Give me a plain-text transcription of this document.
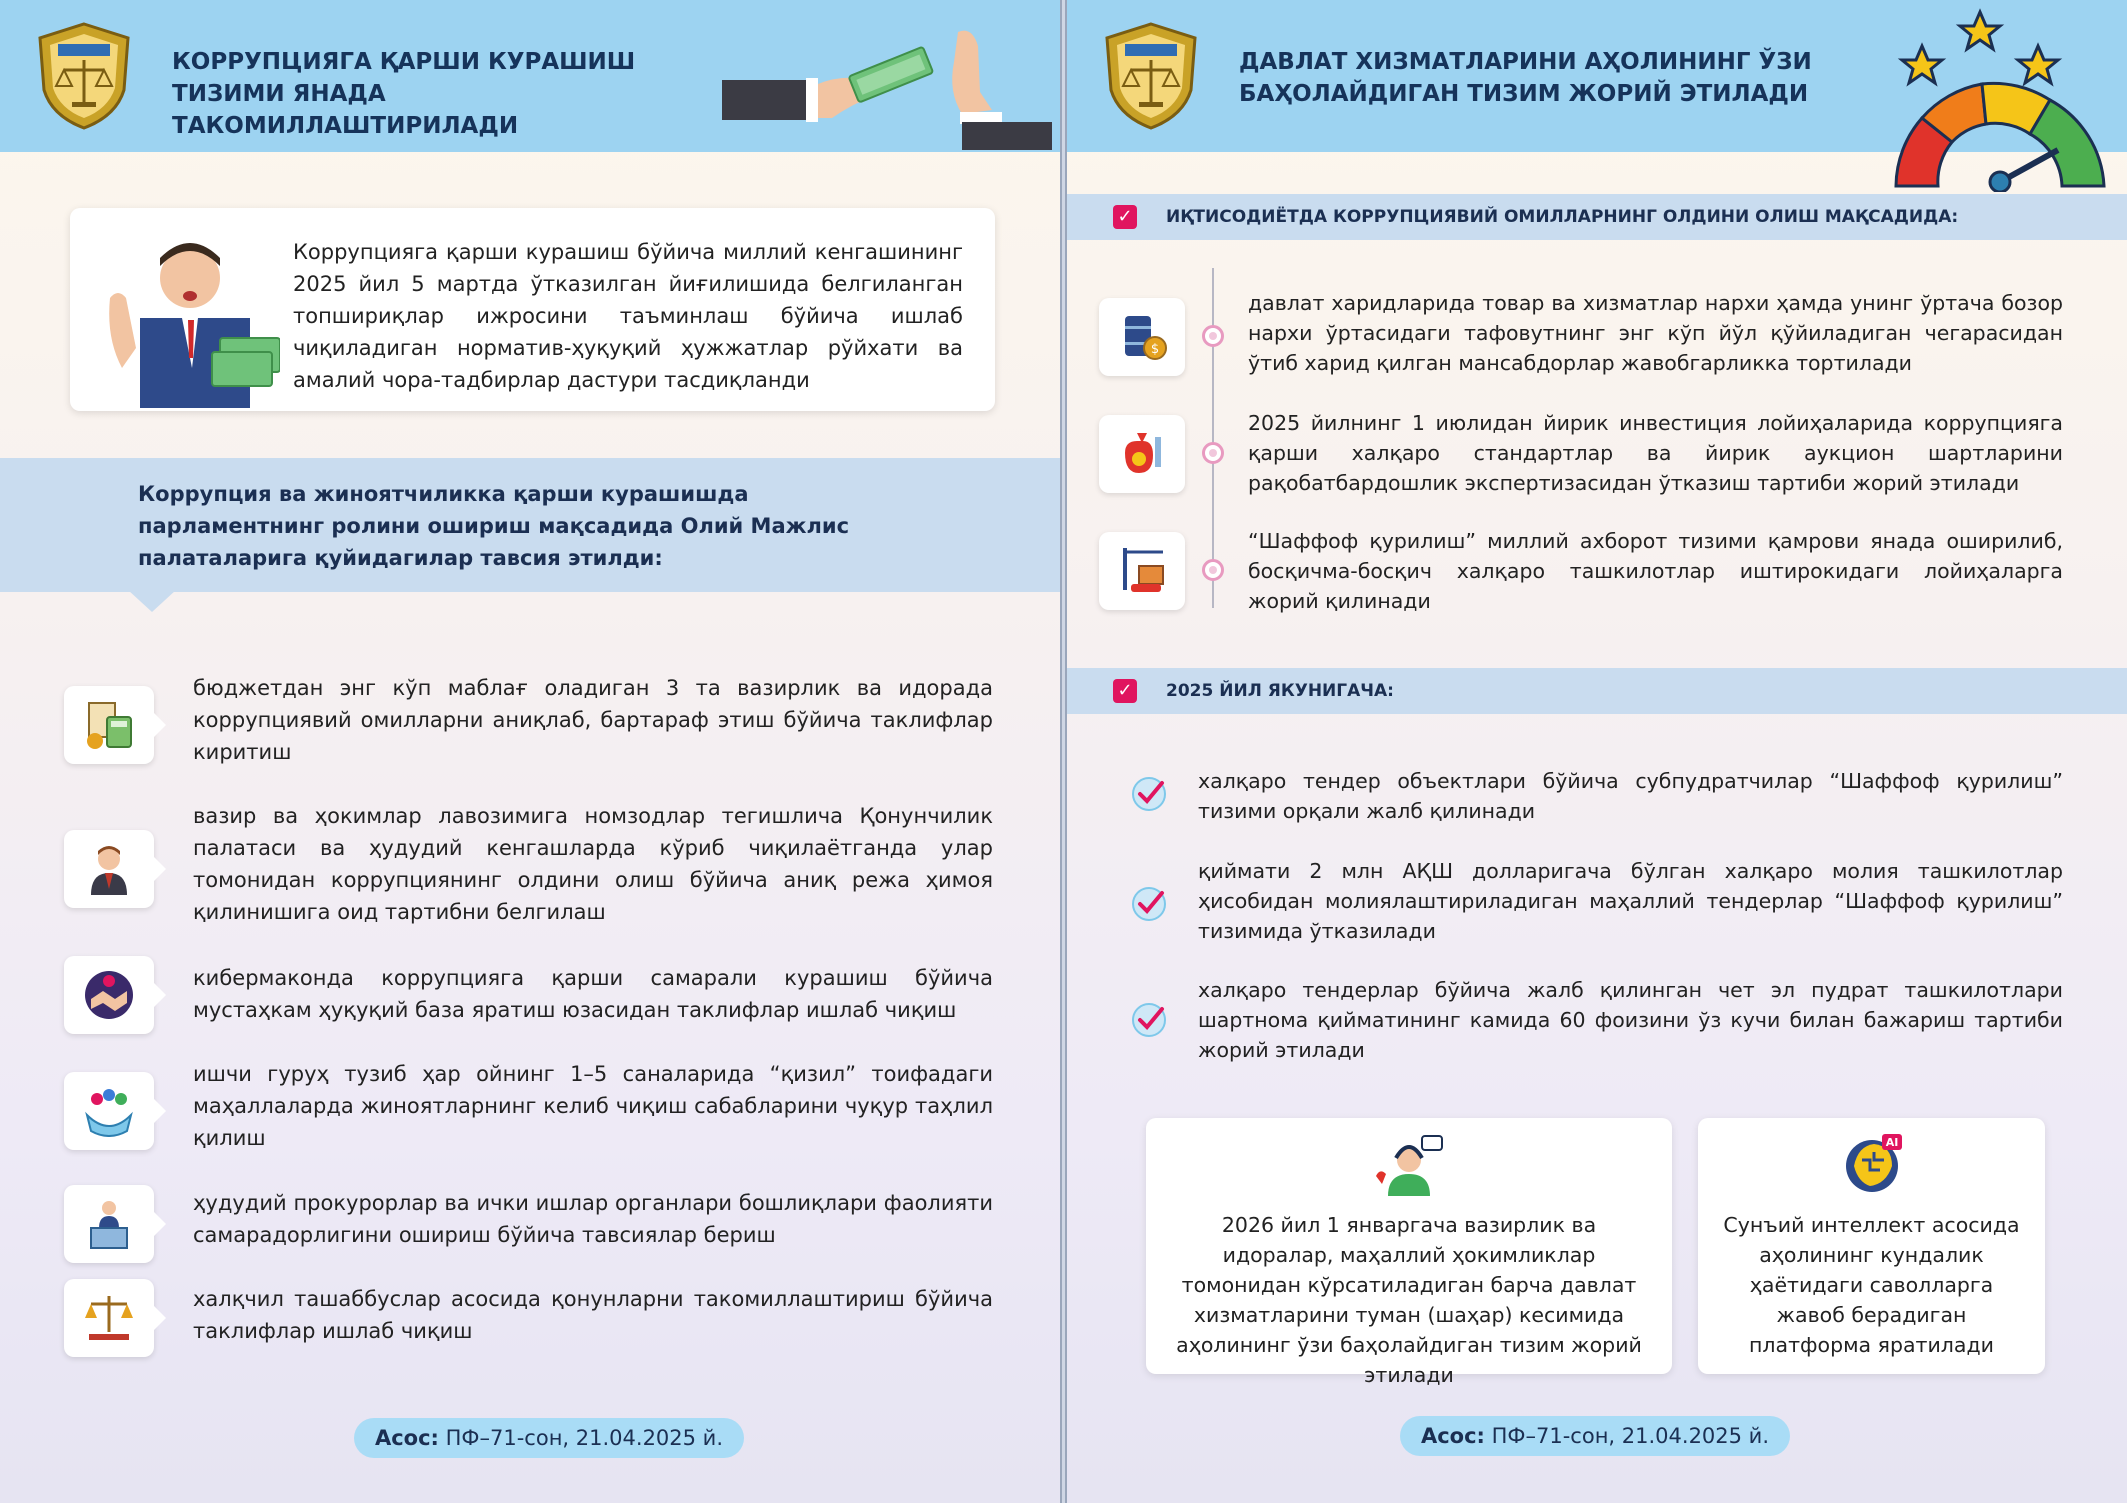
КОРРУПЦИЯГА ҚАРШИ КУРАШИШ ТИЗИМИ ЯНАДА ТАКОМИЛЛАШТИРИЛАДИ
Коррупцияга қарши курашиш бўйича миллий кенгашининг 2025 йил 5 мартда ўтказилган йиғилишида белгиланган топшириқлар ижросини таъминлаш бўйича ишлаб чиқиладиган норматив-ҳуқуқий ҳужжатлар рўйхати ва амалий чора-тадбирлар дастури тасдиқланди
Коррупция ва жиноятчиликка қарши курашишда парламентнинг ролини ошириш мақсадида Олий Мажлис палаталарига қуйидагилар тавсия этилди:
бюджетдан энг кўп маблағ оладиган 3 та вазирлик ва идорада коррупциявий омилларни аниқлаб, бартараф этиш бўйича таклифлар киритиш
вазир ва ҳокимлар лавозимига номзодлар тегишлича Қонунчилик палатаси ва ҳудудий кенгашларда кўриб чиқилаётганда улар томонидан коррупциянинг олдини олиш бўйича аниқ режа ҳимоя қилинишига оид тартибни белгилаш
кибермаконда коррупцияга қарши самарали курашиш бўйича мустаҳкам ҳуқуқий база яратиш юзасидан таклифлар ишлаб чиқиш
ишчи гуруҳ тузиб ҳар ойнинг 1–5 саналарида “қизил” тоифадаги маҳаллаларда жиноятларнинг келиб чиқиш сабабларини чуқур таҳлил қилиш
ҳудудий прокурорлар ва ички ишлар органлари бошлиқлари фаолияти самарадорлигини ошириш бўйича тавсиялар бериш
халқчил ташаббуслар асосида қонунларни такомиллаштириш бўйича таклифлар ишлаб чиқиш
Асос: ПФ–71-сон, 21.04.2025 й.
ДАВЛАТ ХИЗМАТЛАРИНИ АҲОЛИНИНГ ЎЗИ БАҲОЛАЙДИГАН ТИЗИМ ЖОРИЙ ЭТИЛАДИ
✓ ИҚТИСОДИЁТДА КОРРУПЦИЯВИЙ ОМИЛЛАРНИНГ ОЛДИНИ ОЛИШ МАҚСАДИДА:
$
давлат харидларида товар ва хизматлар нархи ҳамда унинг ўртача бозор нархи ўртасидаги тафовутнинг энг кўп йўл қўйиладиган чегарасидан ўтиб харид қилган мансабдорлар жавобгарликка тортилади
2025 йилнинг 1 июлидан йирик инвестиция лойиҳаларида коррупцияга қарши халқаро стандартлар ва йирик аукцион шартларини рақобатбардошлик экспертизасидан ўтказиш тартиби жорий этилади
“Шаффоф қурилиш” миллий ахборот тизими қамрови янада оширилиб, босқичма-босқич халқаро ташкилотлар иштирокидаги лойиҳаларга жорий қилинади
✓ 2025 ЙИЛ ЯКУНИГАЧА:
халқаро тендер объектлари бўйича субпудратчилар “Шаффоф қурилиш” тизими орқали жалб қилинади
қиймати 2 млн АҚШ долларигача бўлган халқаро молия ташкилотлар ҳисобидан молиялаштириладиган маҳаллий тендерлар “Шаффоф қурилиш” тизимида ўтказилади
халқаро тендерлар бўйича жалб қилинган чет эл пудрат ташкилотлари шартнома қийматининг камида 60 фоизини ўз кучи билан бажариш тартиби жорий этилади
2026 йил 1 январгача вазирлик ва идоралар, маҳаллий ҳокимликлар томонидан кўрсатиладиган барча давлат хизматларини туман (шаҳар) кесимида аҳолининг ўзи баҳолайдиган тизим жорий этилади
AI
Сунъий интеллект асосида аҳолининг кундалик ҳаётидаги саволларга жавоб берадиган платформа яратилади
Асос: ПФ–71-сон, 21.04.2025 й.
